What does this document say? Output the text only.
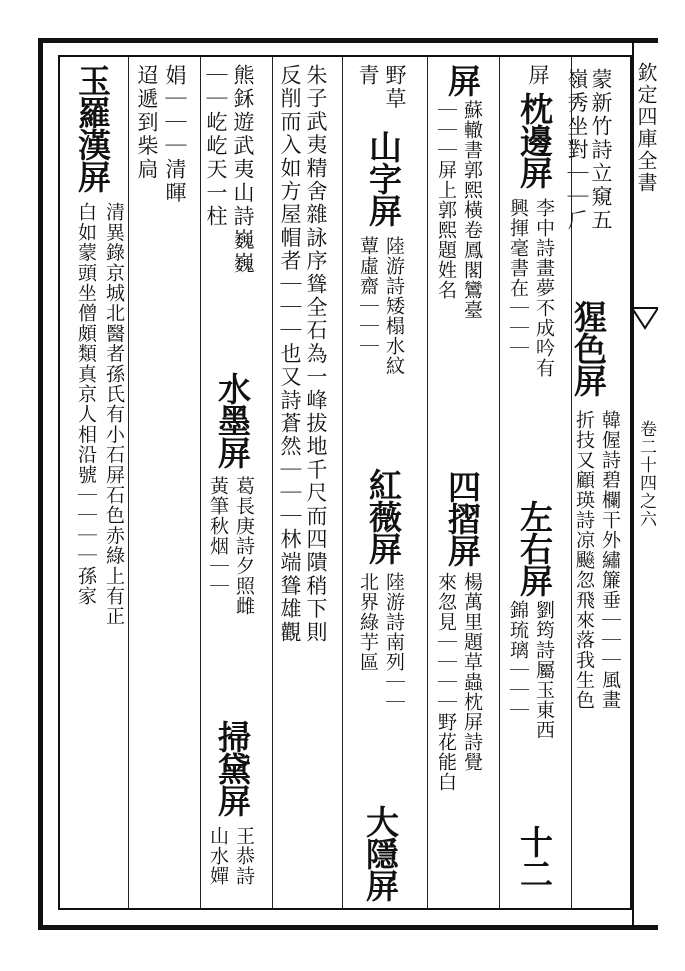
欽定四庫全書
卷二十四之六
蒙新竹詩立窺五
嶺秀坐對｜｜𠂆
猩色屏
韓偓詩碧欄干外繡簾垂｜｜｜風畫
折技又顧瑛詩凉飈忽飛來落我生色
屏
枕邊屏
李中詩畫夢不成吟有
興揮毫書在｜｜｜
左右屏
劉筠詩屬玉東西
錦琉璃｜｜｜
十二
屏
蘇轍書郭熙橫卷鳳閣鸞臺
｜｜｜屏上郭熙題姓名
四摺屏
楊萬里題草蟲枕屏詩覺
來忽見｜｜｜｜野花能白
野草
青
山字屏
陸游詩矮榻水紋
蕈虛齋｜｜｜
紅薇屏
陸游詩南列｜｜
北界綠芋區
大隱屏
朱子武夷精舍雜詠序聳全石為一峰拔地千尺而四隤稍下則
反削而入如方屋帽者｜｜｜也又詩蒼然｜｜｜林端聳雄觀
熊鉌遊武夷山詩巍巍
｜｜屹屹天一柱
水墨屏
葛長庚詩夕照雌
黃筆秋烟｜｜
掃黛屏
王恭詩
山水嬋
娟｜｜｜清暉
迢遞到柴扃
玉羅漢屏
清異錄京城北醫者孫氏有小石屏石色赤綠上有正
白如蒙頭坐僧頗類真京人相沿號｜｜｜｜孫家
